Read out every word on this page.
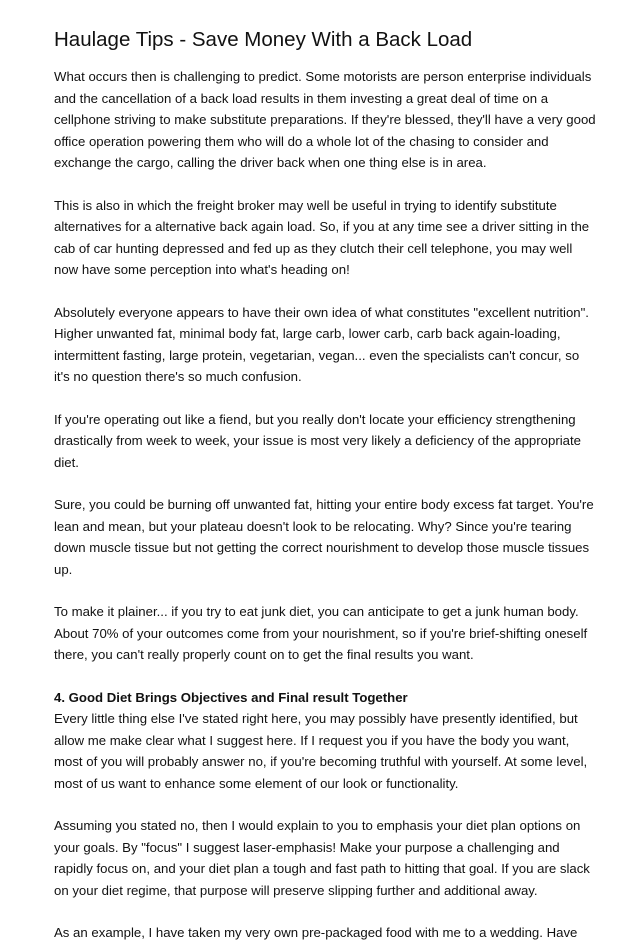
Haulage Tips - Save Money With a Back Load

What occurs then is challenging to predict. Some motorists are person enterprise individuals
and the cancellation of a back load results in them investing a great deal of time on a
cellphone striving to make substitute preparations. If they're blessed, they'll have a very good
office operation powering them who will do a whole lot of the chasing to consider and
exchange the cargo, calling the driver back when one thing else is in area.

This is also in which the freight broker may well be useful in trying to identify substitute
alternatives for a alternative back again load. So, if you at any time see a driver sitting in the
cab of car hunting depressed and fed up as they clutch their cell telephone, you may well
now have some perception into what's heading on!

Absolutely everyone appears to have their own idea of what constitutes "excellent nutrition".
Higher unwanted fat, minimal body fat, large carb, lower carb, carb back again-loading,
intermittent fasting, large protein, vegetarian, vegan... even the specialists can't concur, so
it's no question there's so much confusion.

If you're operating out like a fiend, but you really don't locate your efficiency strengthening
drastically from week to week, your issue is most very likely a deficiency of the appropriate
diet.

Sure, you could be burning off unwanted fat, hitting your entire body excess fat target. You're
lean and mean, but your plateau doesn't look to be relocating. Why? Since you're tearing
down muscle tissue but not getting the correct nourishment to develop those muscle tissues
up.

To make it plainer... if you try to eat junk diet, you can anticipate to get a junk human body.
About 70% of your outcomes come from your nourishment, so if you're brief-shifting oneself
there, you can't really properly count on to get the final results you want.

4. Good Diet Brings Objectives and Final result Together
Every little thing else I've stated right here, you may possibly have presently identified, but
allow me make clear what I suggest here. If I request you if you have the body you want,
most of you will probably answer no, if you're becoming truthful with yourself. At some level,
most of us want to enhance some element of our look or functionality.

Assuming you stated no, then I would explain to you to emphasis your diet plan options on
your goals. By "focus" I suggest laser-emphasis! Make your purpose a challenging and
rapidly focus on, and your diet plan a tough and fast path to hitting that goal. If you are slack
on your diet regime, that purpose will preserve slipping further and additional away.

As an example, I have taken my very own pre-packaged food with me to a wedding. Have
